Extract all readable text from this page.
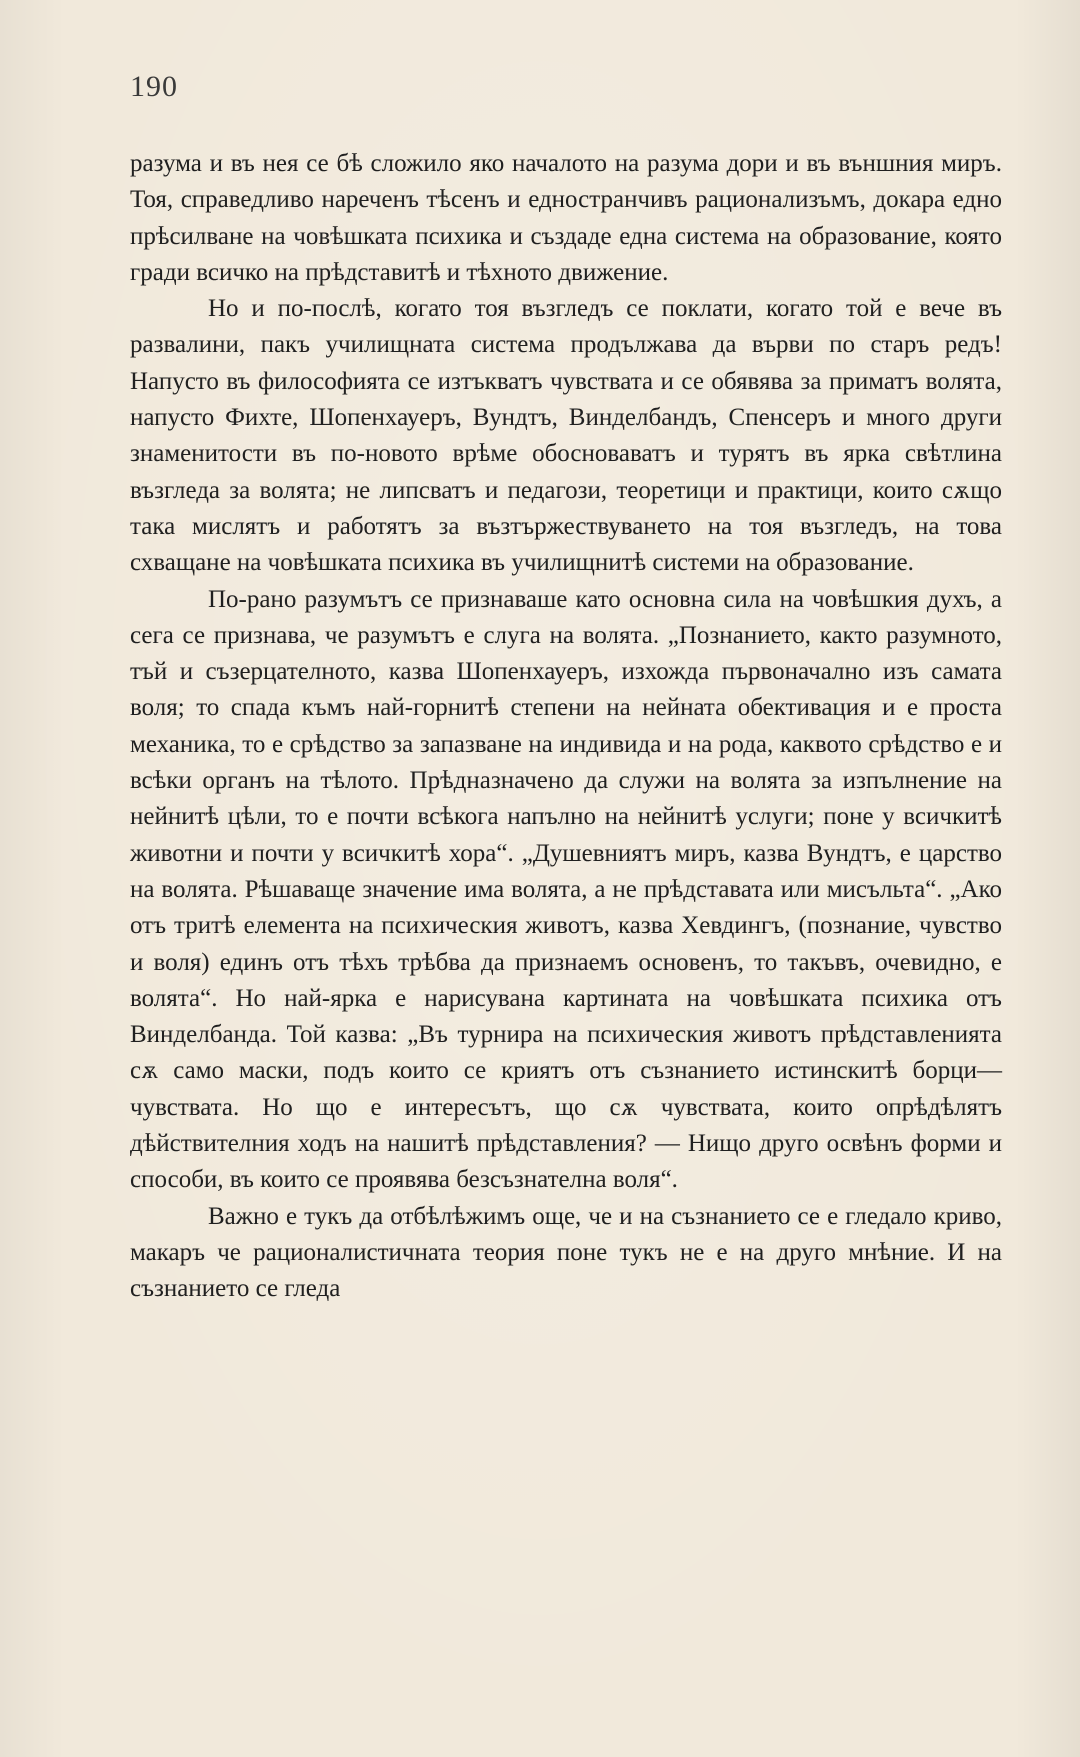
190

разума и въ нея се бѣ сложило яко началото на разума дори и въ външния миръ. Тоя, справедливо нареченъ тѣсенъ и едностранчивъ рационализъмъ, докара едно прѣсилване на човѣшката психика и създаде една система на образование, която гради всичко на прѣдставитѣ и тѣхното движение.

Но и по-послѣ, когато тоя възгледъ се поклати, когато той е вече въ развалини, пакъ училищната система продължава да върви по старъ редъ! Напусто въ философията се изтъкватъ чувствата и се обявява за приматъ волята, напусто Фихте, Шопенхауеръ, Вундтъ, Винделбандъ, Спенсеръ и много други знаменитости въ по-новото врѣме обосноваватъ и турятъ въ ярка свѣтлина възгледа за волята; не липсватъ и педагози, теоретици и практици, които сѫщо така мислятъ и работятъ за възтържествуването на тоя възгледъ, на това схващане на човѣшката психика въ училищнитѣ системи на образование.

По-рано разумътъ се признаваше като основна сила на човѣшкия духъ, а сега се признава, че разумътъ е слуга на волята. „Познанието, както разумното, тъй и съзерцателното, казва Шопенхауеръ, изхожда първоначално изъ самата воля; то спада къмъ най-горнитѣ степени на нейната обективация и е проста механика, то е срѣдство за запазване на индивида и на рода, каквото срѣдство е и всѣки органъ на тѣлото. Прѣдназначено да служи на волята за изпълнение на нейнитѣ цѣли, то е почти всѣкога напълно на нейнитѣ услуги; поне у всичкитѣ животни и почти у всичкитѣ хора“. „Душевниятъ миръ, казва Вундтъ, е царство на волята. Рѣшаваще значение има волята, а не прѣдставата или мисъльта“. „Ако отъ тритѣ елемента на психическия животъ, казва Хевдингъ, (познание, чувство и воля) единъ отъ тѣхъ трѣбва да признаемъ основенъ, то такъвъ, очевидно, е волята“. Но най-ярка е нарисувана картината на човѣшката психика отъ Винделбанда. Той казва: „Въ турнира на психическия животъ прѣдставленията сѫ само маски, подъ които се криятъ отъ съзнанието истинскитѣ борци—чувствата. Но що е интересътъ, що сѫ чувствата, които опрѣдѣлятъ дѣйствителния ходъ на нашитѣ прѣдставления? — Нищо друго освѣнъ форми и способи, въ които се проявява безсъзнателна воля“.

Важно е тукъ да отбѣлѣжимъ още, че и на съзнанието се е гледало криво, макаръ че рационалистичната теория поне тукъ не е на друго мнѣние. И на съзнанието се гледа
